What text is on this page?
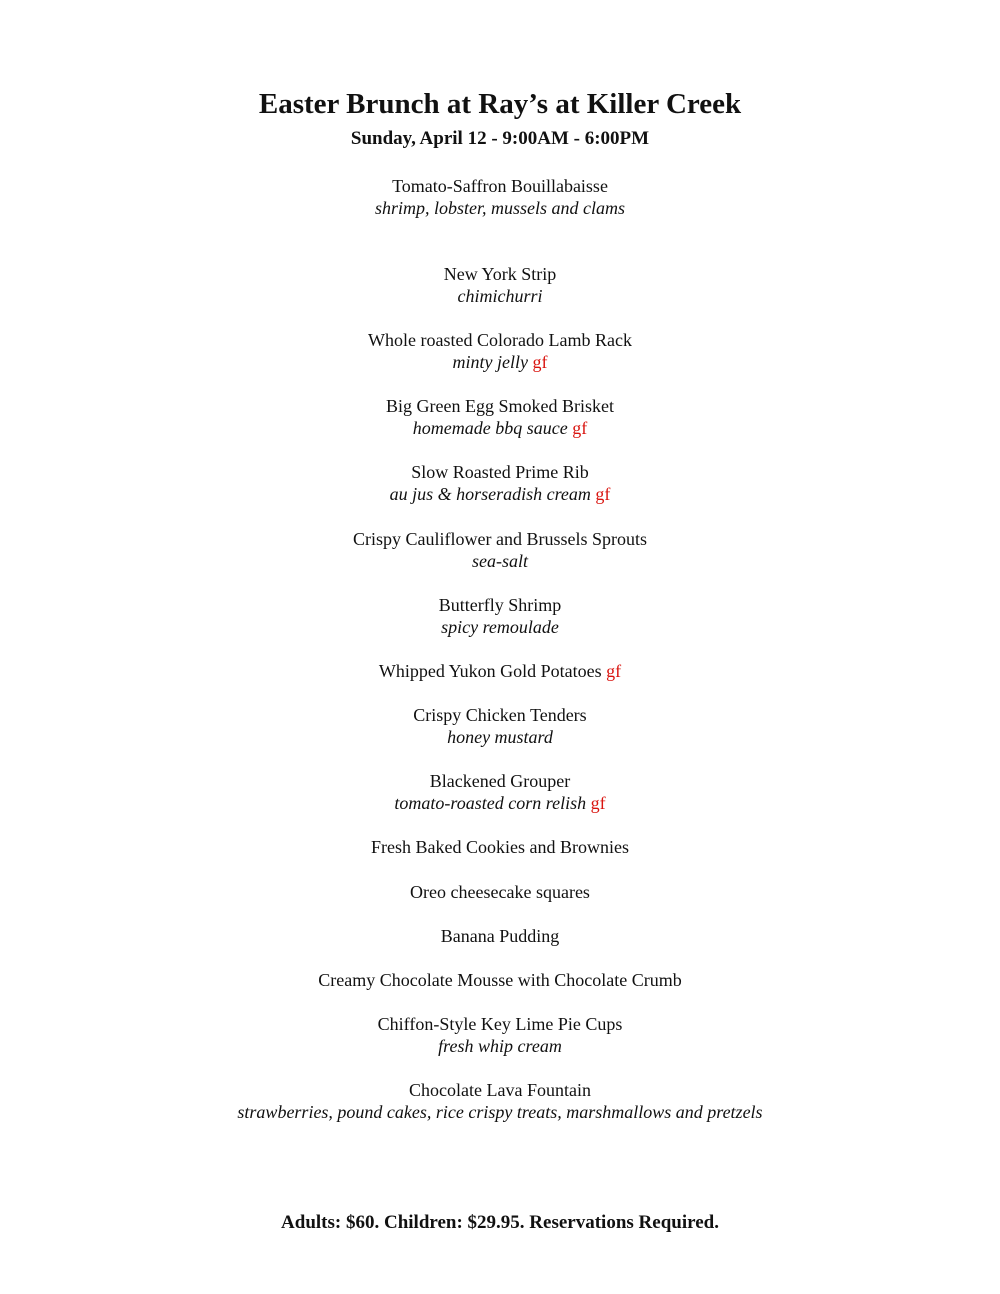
Easter Brunch at Ray’s at Killer Creek
Sunday, April 12 - 9:00AM - 6:00PM
Tomato-Saffron Bouillabaisse
shrimp, lobster, mussels and clams
New York Strip
chimichurri
Whole roasted Colorado Lamb Rack
minty jelly gf
Big Green Egg Smoked Brisket
homemade bbq sauce gf
Slow Roasted Prime Rib
au jus & horseradish cream gf
Crispy Cauliflower and Brussels Sprouts
sea-salt
Butterfly Shrimp
spicy remoulade
Whipped Yukon Gold Potatoes gf
Crispy Chicken Tenders
honey mustard
Blackened Grouper
tomato-roasted corn relish gf
Fresh Baked Cookies and Brownies
Oreo cheesecake squares
Banana Pudding
Creamy Chocolate Mousse with Chocolate Crumb
Chiffon-Style Key Lime Pie Cups
fresh whip cream
Chocolate Lava Fountain
strawberries, pound cakes, rice crispy treats, marshmallows and pretzels
Adults: $60. Children: $29.95. Reservations Required.
